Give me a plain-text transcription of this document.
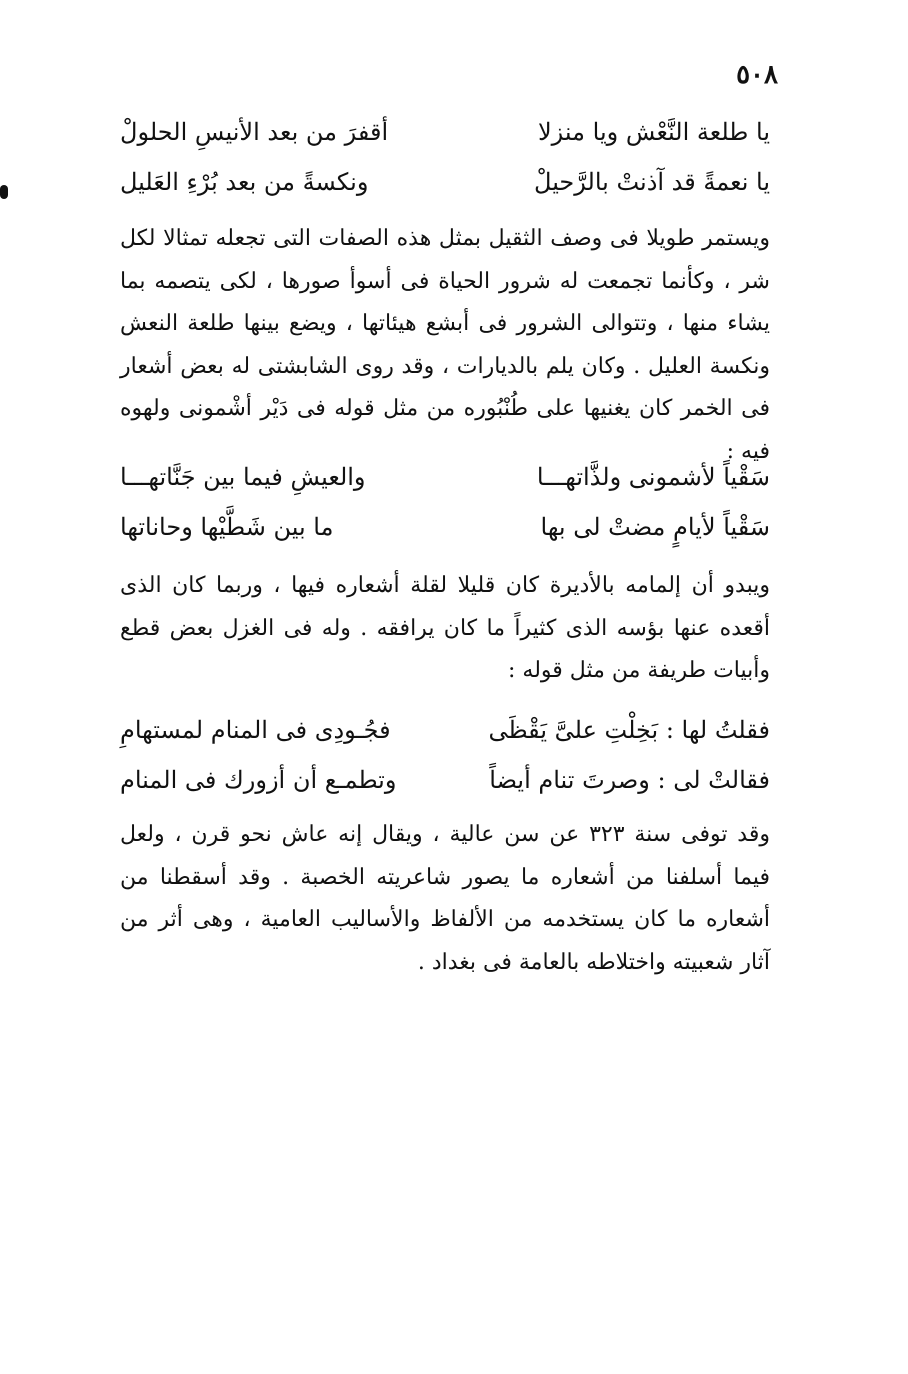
٥٠٨
يا طلعة النَّعْش ويا منزلا
أقفرَ من بعد الأنيسِ الحلولْ
يا نعمةً قد آذنتْ بالرَّحيلْ
ونكسةً من بعد بُرْءِ العَليل

ويستمر طويلا فى وصف الثقيل بمثل هذه الصفات التى تجعله تمثالا لكل شر ، وكأنما تجمعت له شرور الحياة فى أسوأ صورها ، لكى يتصمه بما يشاء منها ، وتتوالى الشرور فى أبشع هيئاتها ، ويضع بينها طلعة النعش ونكسة العليل . وكان يلم بالديارات ، وقد روى الشابشتى له بعض أشعار فى الخمر كان يغنيها على طُنْبُوره من مثل قوله فى دَيْر أشْمونى ولهوه فيه :

سَقْياً لأشمونى ولذَّاتهـــا
والعيشِ فيما بين جَنَّاتهـــا
سَقْياً لأيامٍ مضتْ لى بها
ما بين شَطَّيْها وحاناتها

ويبدو أن إلمامه بالأديرة كان قليلا لقلة أشعاره فيها ، وربما كان الذى أقعده عنها بؤسه الذى كثيراً ما كان يرافقه . وله فى الغزل بعض قطع وأبيات طريفة من مثل قوله :

فقلتُ لها : بَخِلْتِ علىَّ يَقْظَى
فجُـودِى فى المنام لمستهامِ
فقالتْ لى : وصرتَ تنام أيضاً
وتطمـع أن أزورك فى المنام

وقد توفى سنة ٣٢٣ عن سن عالية ، ويقال إنه عاش نحو قرن ، ولعل فيما أسلفنا من أشعاره ما يصور شاعريته الخصبة . وقد أسقطنا من أشعاره ما كان يستخدمه من الألفاظ والأساليب العامية ، وهى أثر من آثار شعبيته واختلاطه بالعامة فى بغداد .
